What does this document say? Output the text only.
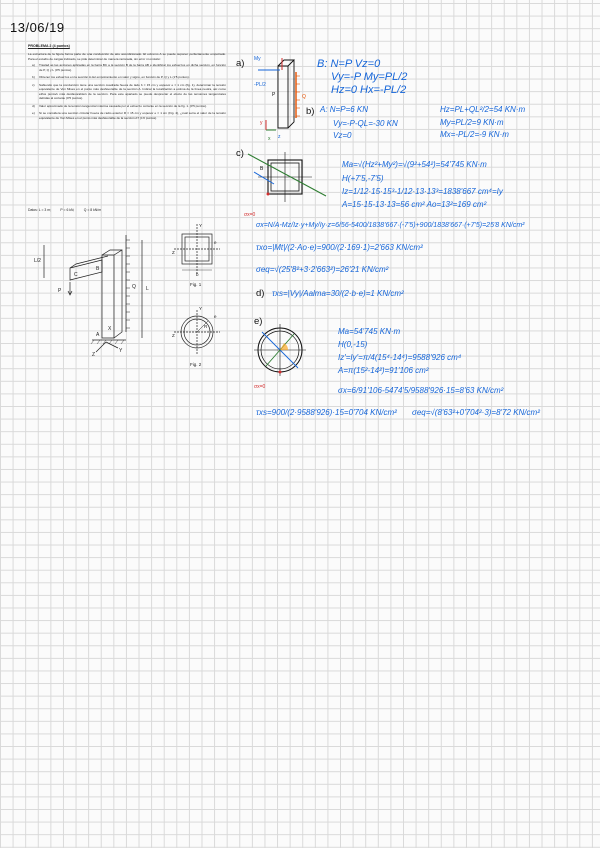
13/06/19
PROBLEMA 2 (4 puntos)

La estructura de la figura forma parte de una conducción de aire acondicionado. El extremo A se puede suponer perfectamente empotrado. Para el estudio de cargas indicado, se pide determinar de manera razonada, sin error ni omisión:

a)	Traslad as las acciones aplicadas en la barra BC a la sección B de la barra AB e identificar los esfuerzos en dicha sección, en función de P, Q y L (0'5 puntos).
b)	Obtener los esfuerzos en la sección A del empotramiento en valor y signo, en función de P, Q y L (1'5 puntos).
c)	Sabiendo que la conducción tiene una sección cuadrada hueca de lado b = 15 cm y espesor e = 1 cm (fig. 1), determinar la tensión equivalente de Von Mises en el punto más desfavorable de la sección A. Indicar la localización a estima de la línea neutra, así como el/los punto/s más desfavorable/s de la sección. Para este apartado se puede despreciar el efecto de las tensiones tangenciales debidas al cortante (0'5 puntos).
d)	Valor aproximado de la tensión tangencial máxima causada por el esfuerzo cortante en la sección de la fig. 1. (0'5 puntos).
e)	Si se considera una sección circular hueca de radio exterior R = 15 cm y espesor e = 1 cm (Fig. 2), ¿cuál sería el valor de la tensión equivalente de Von Mises en el punto más desfavorable de la sección A? (1'0 puntos).
Datos: L = 3 m;          P = 6 kN;          Q = 8 kN/m
L/2
P
B
C
Q L
A
X
Z
Y
Y
Z
e
b
Fig. 1
Y
Z
R
e
Fig. 2
a) My
-PL/2
P	Q
x
y
z
B: N=P Vz=0
Vy=-P My=PL/2
Hz=0 Hx=-PL/2
b) A: N=P=6 KN	Hz=PL+QL²/2=54 KN·m
Vy=-P-QL=-30 KN	My=PL/2=9 KN·m
Vz=0	Mx=-PL/2=-9 KN·m
c)
σx=0
B	Ma=√(Hz²+My²)=√(9²+54²)=54'745 KN·m
H(+7'5,-7'5)
Iz=1/12·15·15³-1/12·13·13³=1838'667 cm⁴=Iy
A=15·15-13·13=56 cm² Ao=13²=169 cm²
σx=N/A-Mz/Iz·y+My/Iy·z=6/56-5400/1838'667·(-7'5)+900/1838'667·(+7'5)=25'8 KN/cm²
τxo=|Mt|/(2·Ao·e)=900/(2·169·1)=2'663 KN/cm²
σeq=√(25'8²+3·2'663²)=26'21 KN/cm²
d) τxs=|Vy|/Aalma=30/(2·b·e)=1 KN/cm²
e)
σx=0
Ma=54'745 KN·m
H(0,-15)
Iz'=Iy'=π/4(15⁴-14⁴)=9588'926 cm⁴
A=π(15²-14²)=91'106 cm²
σx=6/91'106-5474'5/9588'926·15=8'63 KN/cm²
τxs=900/(2·9588'926)·15=0'704 KN/cm² σeq=√(8'63²+0'704²·3)=8'72 KN/cm²
